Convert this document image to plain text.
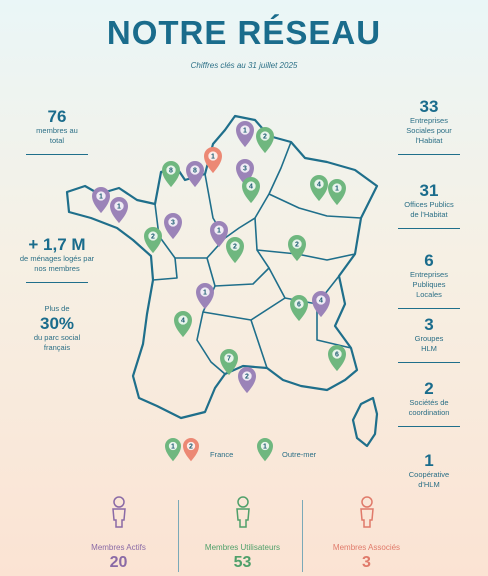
NOTRE RÉSEAU
Chiffres clés au 31 juillet 2025
76
membres au total
+ 1,7 M
de ménages logés par nos membres
Plus de
30%
du parc social français
33
Entreprises Sociales pour l'Habitat
31
Offices Publics de l'Habitat
6
Entreprises Publiques Locales
3
Groupes HLM
2
Sociétés de coordination
1
Coopérative d'HLM
1
2
1
8	8	3
4
1
4
1
1
3
2
1
2	2
1
4
6
4
6
7
2
1 2	1
France	Outre-mer
Membres Actifs
20
Membres Utilisateurs
53
Membres Associés
3
